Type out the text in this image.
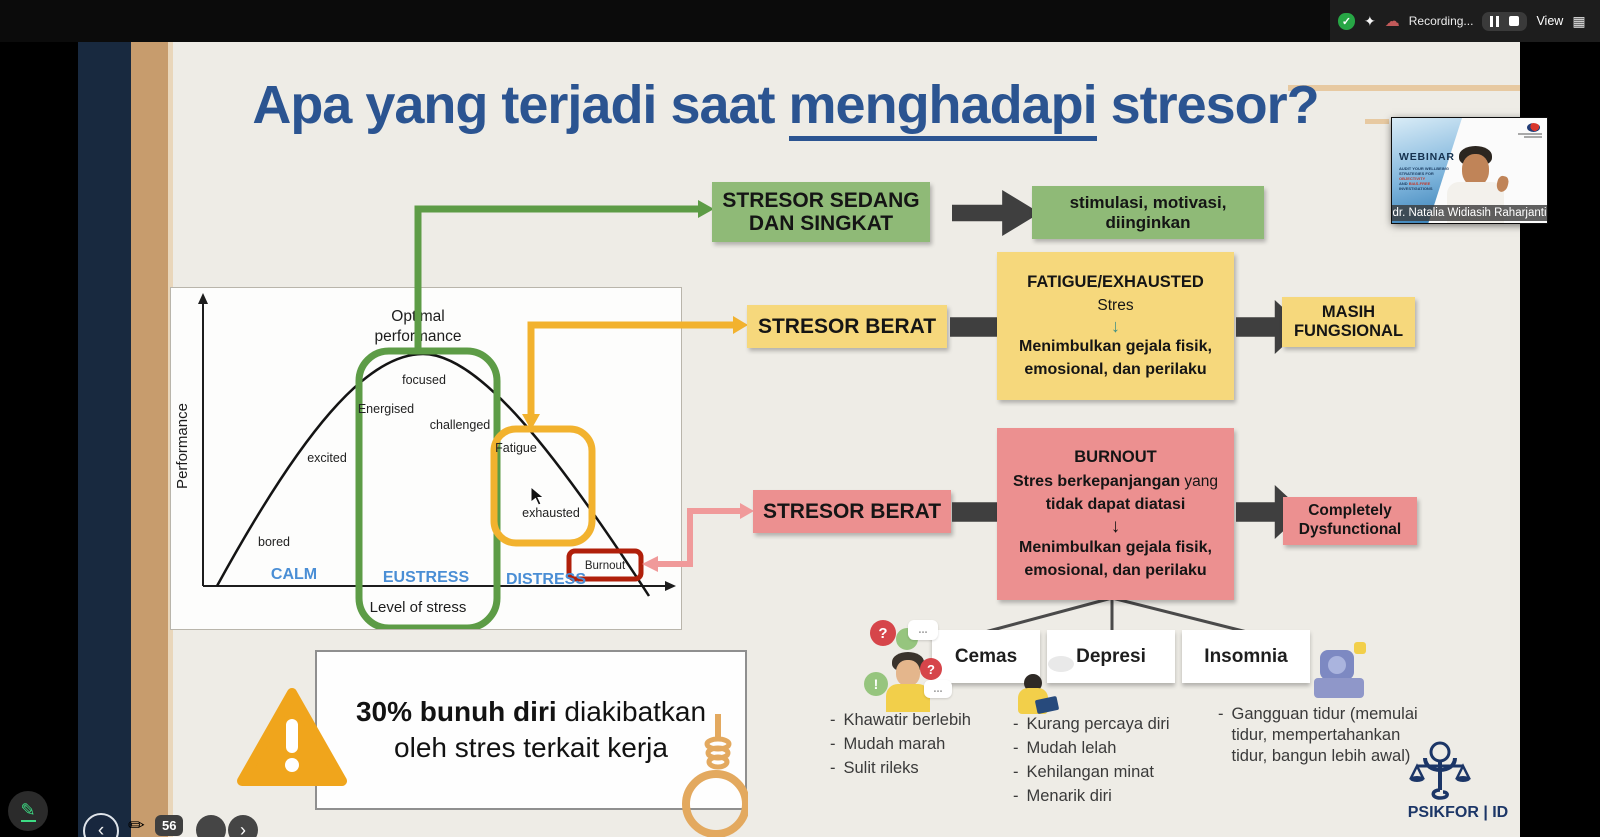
✓ ✦ ☁ Recording...	View ▦
Apa yang terjadi saat menghadapi stresor?
Performance
Level of stress
Optimal
performance
bored
excited
Energised
focused
challenged
Fatigue
exhausted
Burnout
CALM	EUSTRESS DISTRESS
STRESOR SEDANG
DAN SINGKAT
stimulasi, motivasi,
diinginkan
STRESOR BERAT
FATIGUE/EXHAUSTED
Stres
↓
Menimbulkan gejala fisik,
emosional, dan perilaku
MASIH
FUNGSIONAL
STRESOR BERAT
BURNOUT
Stres berkepanjangan yang
tidak dapat diatasi
↓
Menimbulkan gejala fisik,
emosional, dan perilaku
Completely
Dysfunctional
Cemas	Depresi	Insomnia
?
!
?
...
...
- Khawatir berlebih
- Mudah marah
- Sulit rileks
- Kurang percaya diri
- Mudah lelah
- Kehilangan minat
- Menarik diri
- Gangguan tidur (memulai tidur, mempertahankan tidur, bangun lebih awal)
30% bunuh diri diakibatkan
oleh stres terkait kerja
PSIKFOR | ID
WEBINAR
AUDIT YOUR WELLBEING
STRATEGIES FOR OBJECTIVITY
AND BIAS-FREE INVESTIGATIONS
dr. Natalia Widiasih Raharjanti
✎
‹	✏	56	›
